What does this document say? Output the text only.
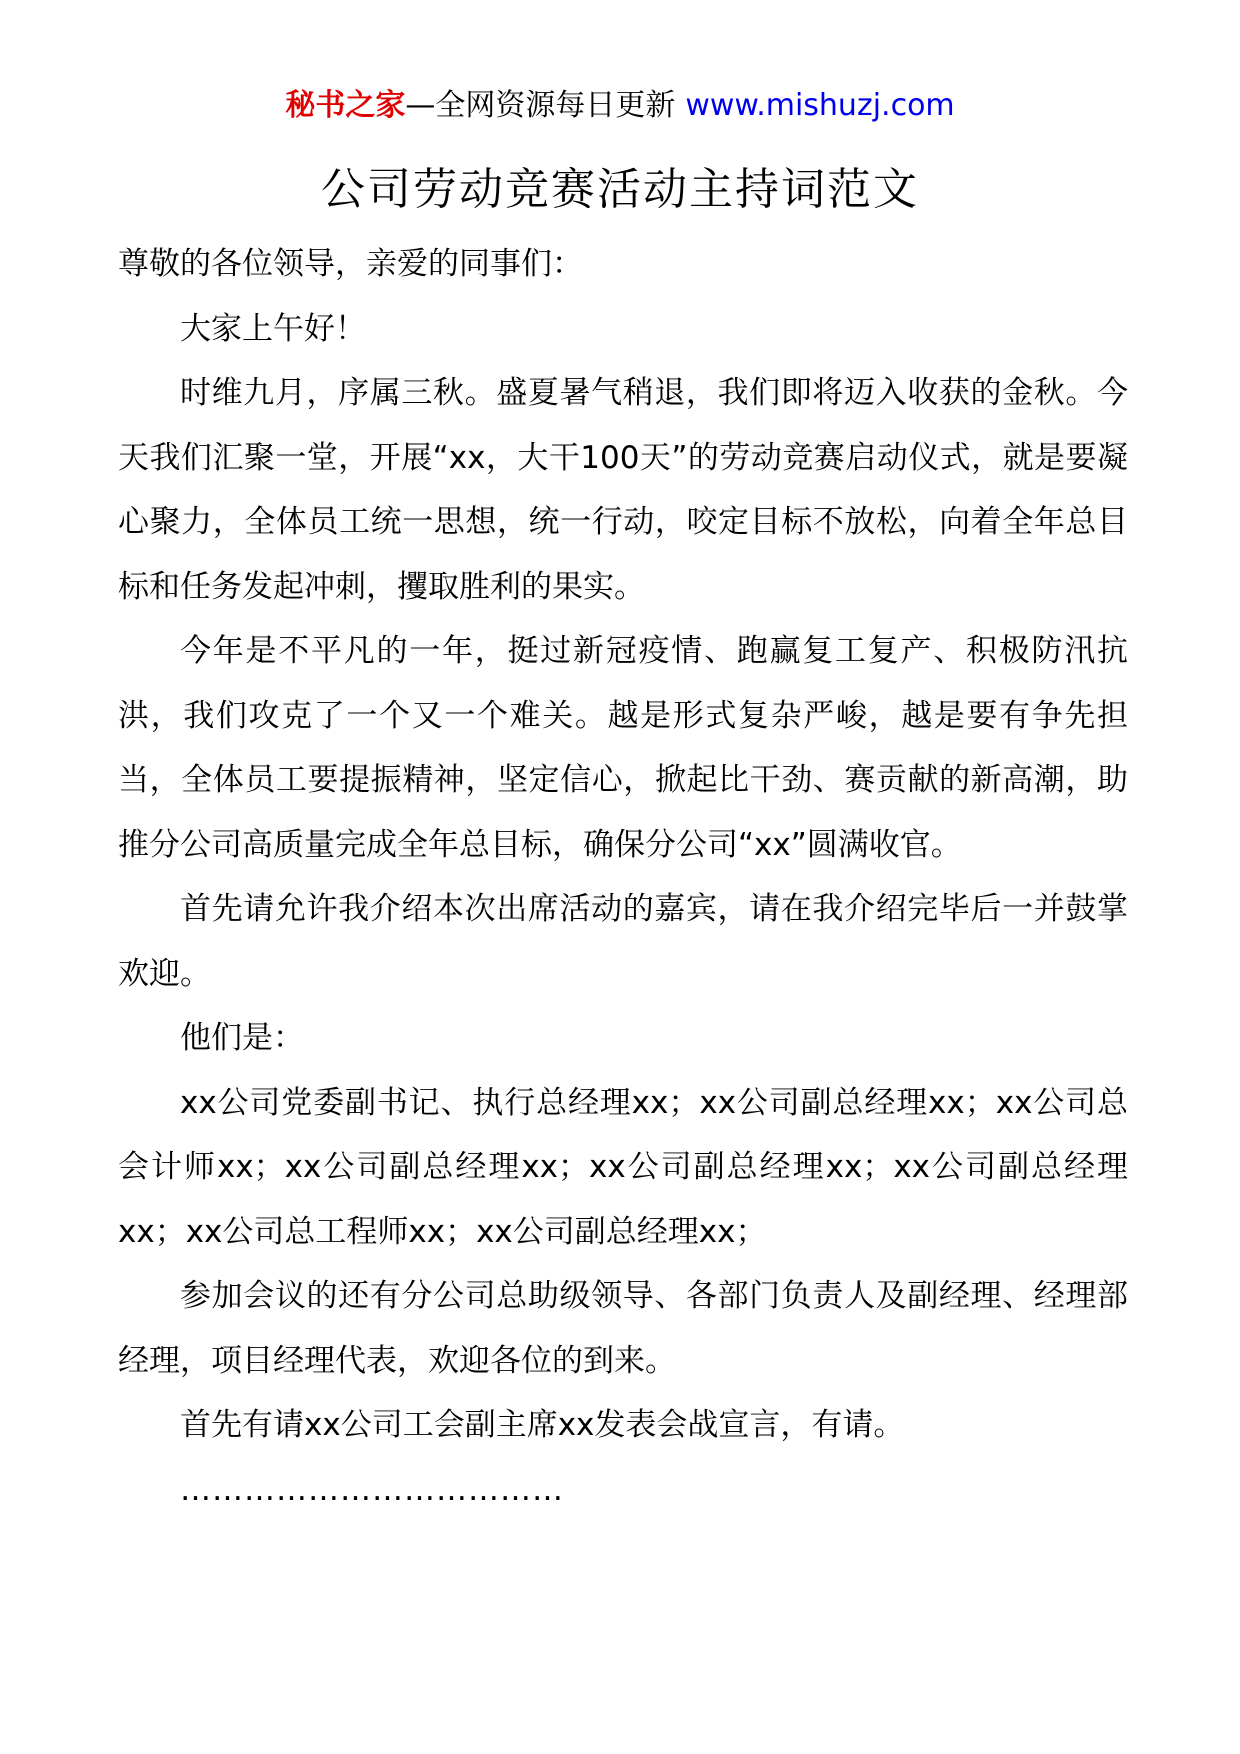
秘书之家—全网资源每日更新 www.mishuzj.com
公司劳动竞赛活动主持词范文

尊敬的各位领导，亲爱的同事们：

大家上午好！

时维九月，序属三秋。盛夏暑气稍退，我们即将迈入收获的金秋。今天我们汇聚一堂，开展“xx，大干100天”的劳动竞赛启动仪式，就是要凝心聚力，全体员工统一思想，统一行动，咬定目标不放松，向着全年总目标和任务发起冲刺，攫取胜利的果实。

今年是不平凡的一年，挺过新冠疫情、跑赢复工复产、积极防汛抗洪，我们攻克了一个又一个难关。越是形式复杂严峻，越是要有争先担当，全体员工要提振精神，坚定信心，掀起比干劲、赛贡献的新高潮，助推分公司高质量完成全年总目标，确保分公司“xx”圆满收官。

首先请允许我介绍本次出席活动的嘉宾，请在我介绍完毕后一并鼓掌欢迎。

他们是：

xx公司党委副书记、执行总经理xx；xx公司副总经理xx；xx公司总会计师xx；xx公司副总经理xx；xx公司副总经理xx；xx公司副总经理xx；xx公司总工程师xx；xx公司副总经理xx；

参加会议的还有分公司总助级领导、各部门负责人及副经理、经理部经理，项目经理代表，欢迎各位的到来。

首先有请xx公司工会副主席xx发表会战宣言，有请。

………………………………
